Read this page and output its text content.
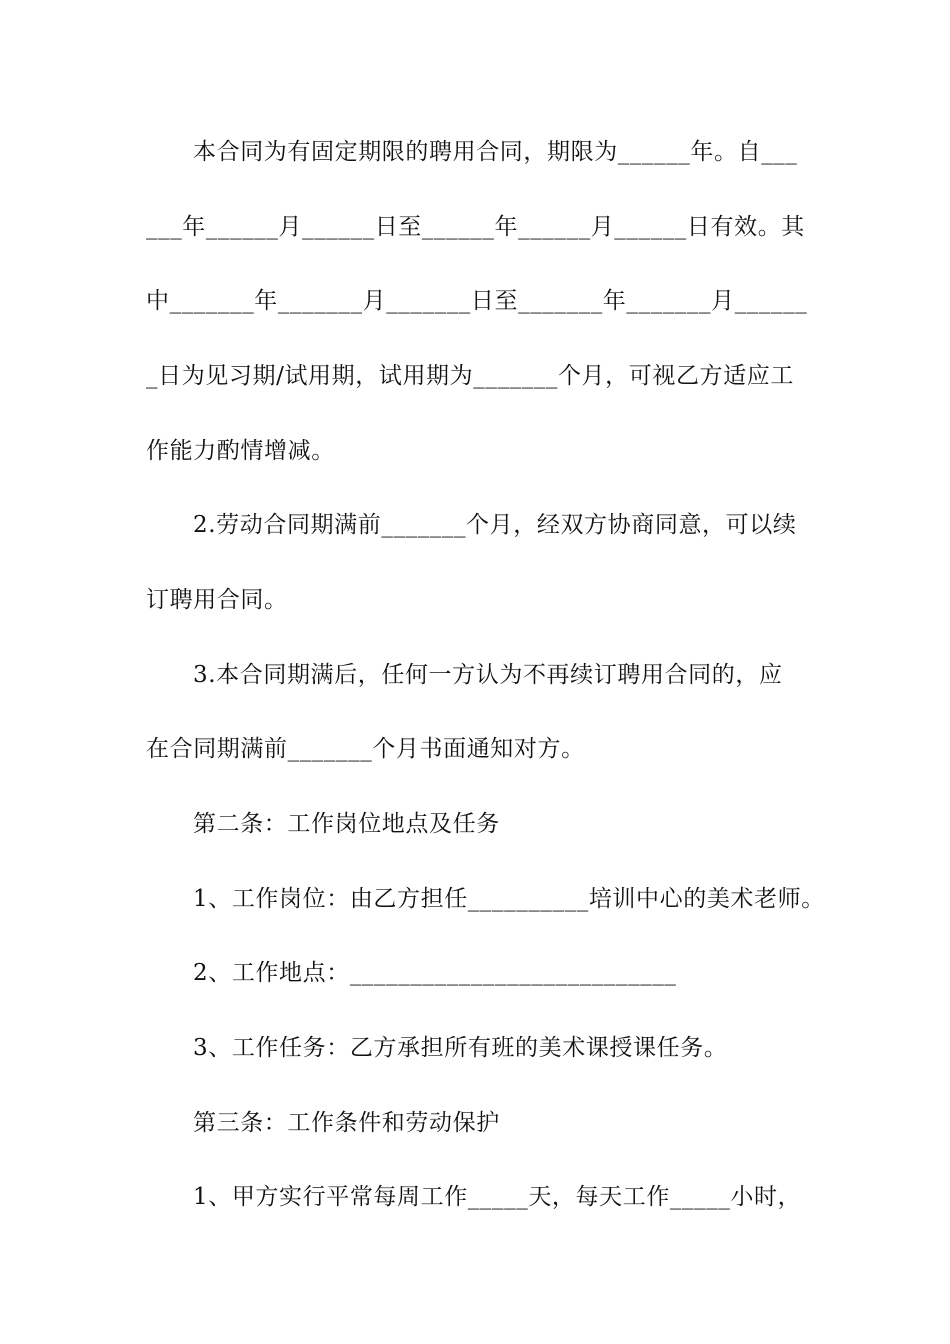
本合同为有固定期限的聘用合同，期限为______年。自___
___年______月______日至______年______月______日有效。其
中_______年_______月_______日至_______年_______月______
_日为见习期/试用期，试用期为_______个月，可视乙方适应工
作能力酌情增减。
2.劳动合同期满前_______个月，经双方协商同意，可以续
订聘用合同。
3.本合同期满后，任何一方认为不再续订聘用合同的，应
在合同期满前_______个月书面通知对方。
第二条：工作岗位地点及任务
1、工作岗位：由乙方担任__________培训中心的美术老师。
2、工作地点：___________________________
3、工作任务：乙方承担所有班的美术课授课任务。
第三条：工作条件和劳动保护
1、甲方实行平常每周工作_____天，每天工作_____小时，
